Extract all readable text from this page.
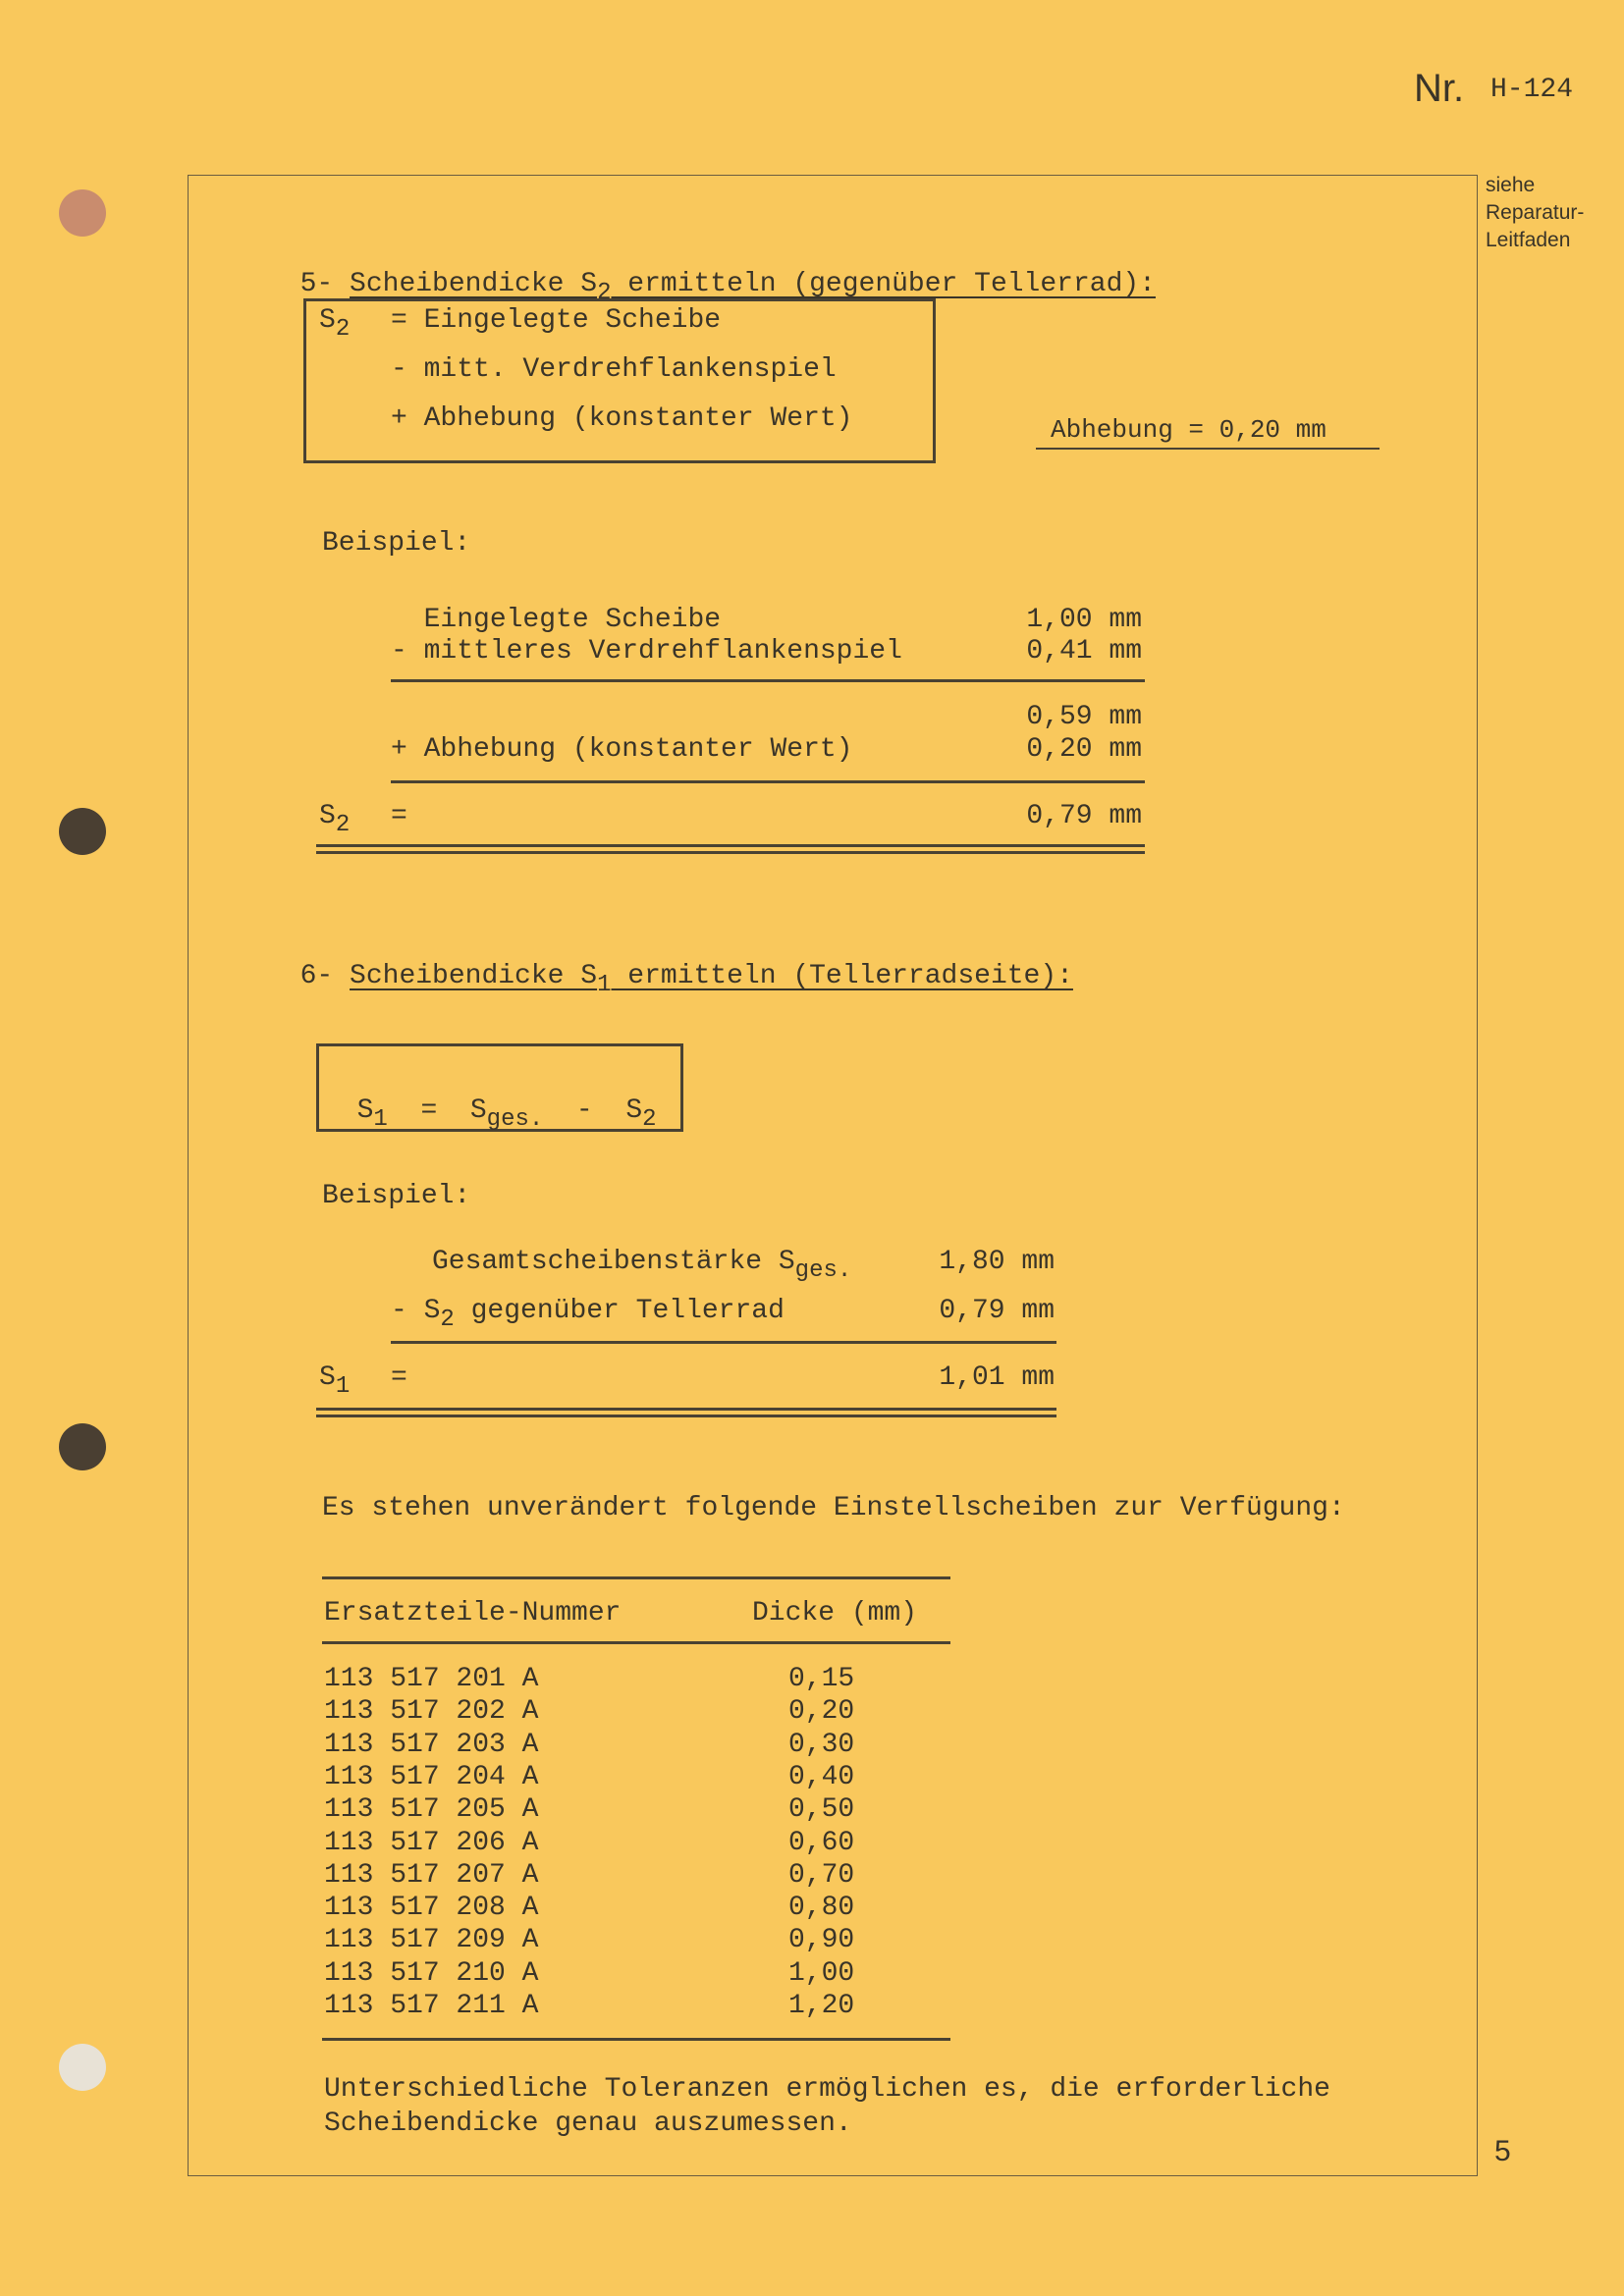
Nr. H-124
siehe
Reparatur-
Leitfaden

5- Scheibendicke $S_2$ ermitteln (gegenüber Tellerrad):

$S_2$ = Eingelegte Scheibe
- mitt. Verdrehflankenspiel
+ Abhebung (konstanter Wert)	Abhebung = 0,20 mm
Beispiel:
Eingelegte Scheibe	1,00 mm
- mittleres Verdrehflankenspiel	0,41 mm
0,59 mm
+ Abhebung (konstanter Wert)	0,20 mm
$S_2$ =	0,79 mm

6- Scheibendicke $S_1$ ermitteln (Tellerradseite):

$S_1 = S_{ges.} - S_2$

Beispiel:
Gesamtscheibenstärke $S_{ges.}$	1,80 mm
- $S_2$ gegenüber Tellerrad	0,79 mm
$S_1$ =	1,01 mm
Es stehen unverändert folgende Einstellscheiben zur Verfügung:
Ersatzteile-Nummer	Dicke (mm)
113 517 201 A	0,15
113 517 202 A	0,20
113 517 203 A	0,30
113 517 204 A	0,40
113 517 205 A	0,50
113 517 206 A	0,60
113 517 207 A	0,70
113 517 208 A	0,80
113 517 209 A	0,90
113 517 210 A	1,00
113 517 211 A	1,20
Unterschiedliche Toleranzen ermöglichen es, die erforderliche
Scheibendicke genau auszumessen.
5
